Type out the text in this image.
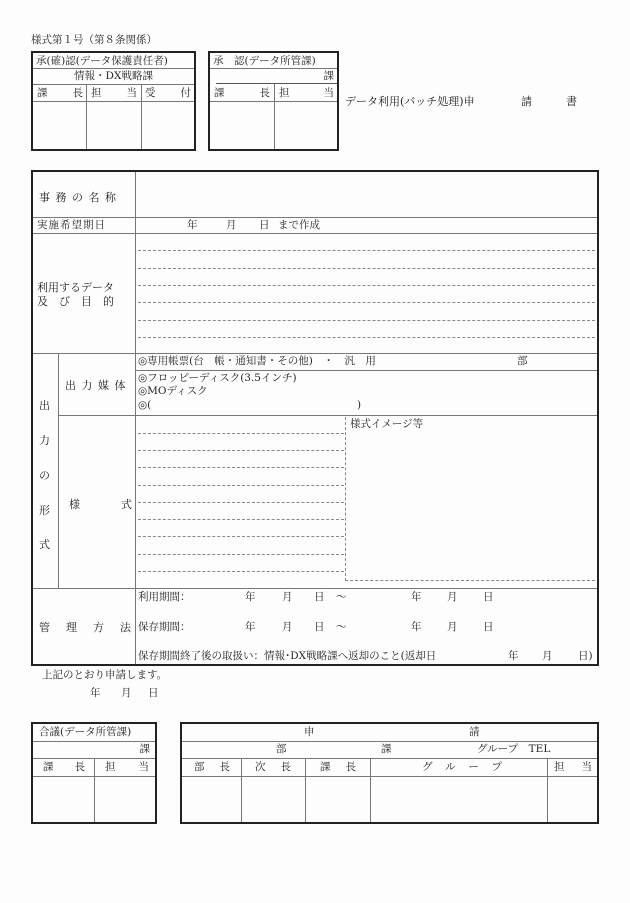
様式第１号（第８条関係）
承(確)認(データ保護責任者)
情報・DX戦略課
課　長 担　当 受　付
承　認(データ所管課)
課
課　　長 担　当
データ利用(バッチ処理)申	請	書
事 務 の 名 称
実施希望期日	年	月 日 まで作成
利用するデータ
及　び　目　的
出
力
の
形
式
出 力 媒 体
◎専用帳票(台　帳・通知書・その他)　・　汎　用	部
◎フロッピーディスク(3.5インチ)
◎MOディスク
◎(	)
様	式
様式イメージ等
管 理 方 法
利用期間：	年	月 日 ～	年 月 日
保存期間：	年	月 日 ～	年 月 日
保存期間終了後の取扱い：情報･DX戦略課へ返却のこと(返却日	年 月 日)
上記のとおり申請します。
年 月 日
合議(データ所管課)
課
課　長 担　当
申	請
部	課	グループ　TEL
部　長 次　長	課　長	グ　ル　ー　プ	担　当
